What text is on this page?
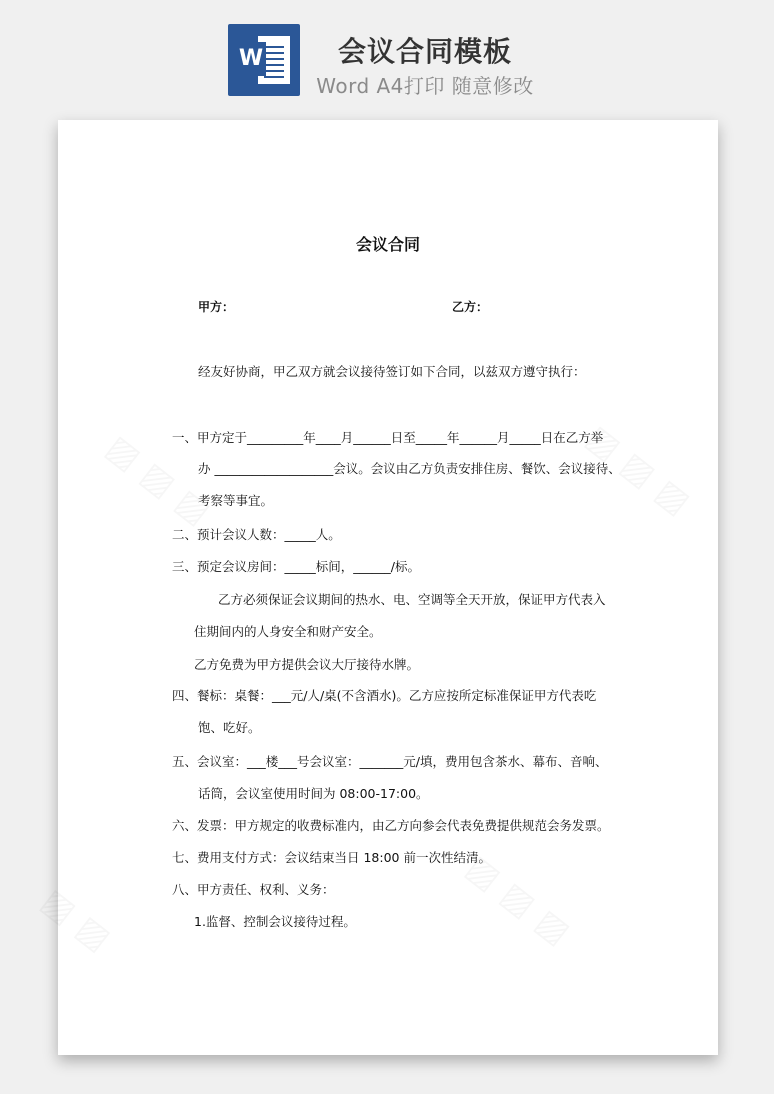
W	会议合同模板
Word A4打印 随意修改
会议合同
甲方：	乙方：
经友好协商，甲乙双方就会议接待签订如下合同，以兹双方遵守执行：
一、甲方定于_________年____月______日至_____年______月_____日在乙方举
办 ___________________会议。会议由乙方负责安排住房、餐饮、会议接待、
考察等事宜。
二、预计会议人数：_____人。
三、预定会议房间：_____标间，______/标。
乙方必须保证会议期间的热水、电、空调等全天开放，保证甲方代表入
住期间内的人身安全和财产安全。
乙方免费为甲方提供会议大厅接待水牌。
四、餐标：桌餐：___元/人/桌(不含酒水)。乙方应按所定标准保证甲方代表吃
饱、吃好。
五、会议室：___楼___号会议室：_______元/填，费用包含茶水、幕布、音响、
话筒，会议室使用时间为 08:00-17:00。
六、发票：甲方规定的收费标准内，由乙方向参会代表免费提供规范会务发票。
七、费用支付方式：会议结束当日 18:00 前一次性结清。
八、甲方责任、权利、义务：
1.监督、控制会议接待过程。
